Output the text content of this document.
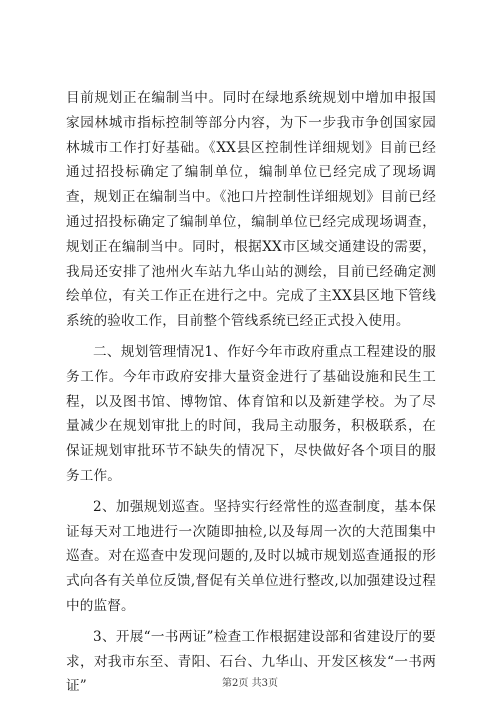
目前规划正在编制当中。同时在绿地系统规划中增加申报国家园林城市指标控制等部分内容，为下一步我市争创国家园林城市工作打好基础。《XX县区控制性详细规划》目前已经通过招投标确定了编制单位，编制单位已经完成了现场调查，规划正在编制当中。《池口片控制性详细规划》目前已经通过招投标确定了编制单位，编制单位已经完成现场调查，规划正在编制当中。同时，根据XX市区域交通建设的需要，我局还安排了池州火车站九华山站的测绘，目前已经确定测绘单位，有关工作正在进行之中。完成了主XX县区地下管线系统的验收工作，目前整个管线系统已经正式投入使用。

二、规划管理情况1、作好今年市政府重点工程建设的服务工作。今年市政府安排大量资金进行了基础设施和民生工程，以及图书馆、博物馆、体育馆和以及新建学校。为了尽量减少在规划审批上的时间，我局主动服务，积极联系，在保证规划审批环节不缺失的情况下，尽快做好各个项目的服务工作。

2、加强规划巡查。坚持实行经常性的巡查制度，基本保证每天对工地进行一次随即抽检,以及每周一次的大范围集中巡查。对在巡查中发现问题的,及时以城市规划巡查通报的形式向各有关单位反馈,督促有关单位进行整改,以加强建设过程中的监督。

3、开展“一书两证”检查工作根据建设部和省建设厅的要求，对我市东至、青阳、石台、九华山、开发区核发“一书两证”	第2页 共3页
